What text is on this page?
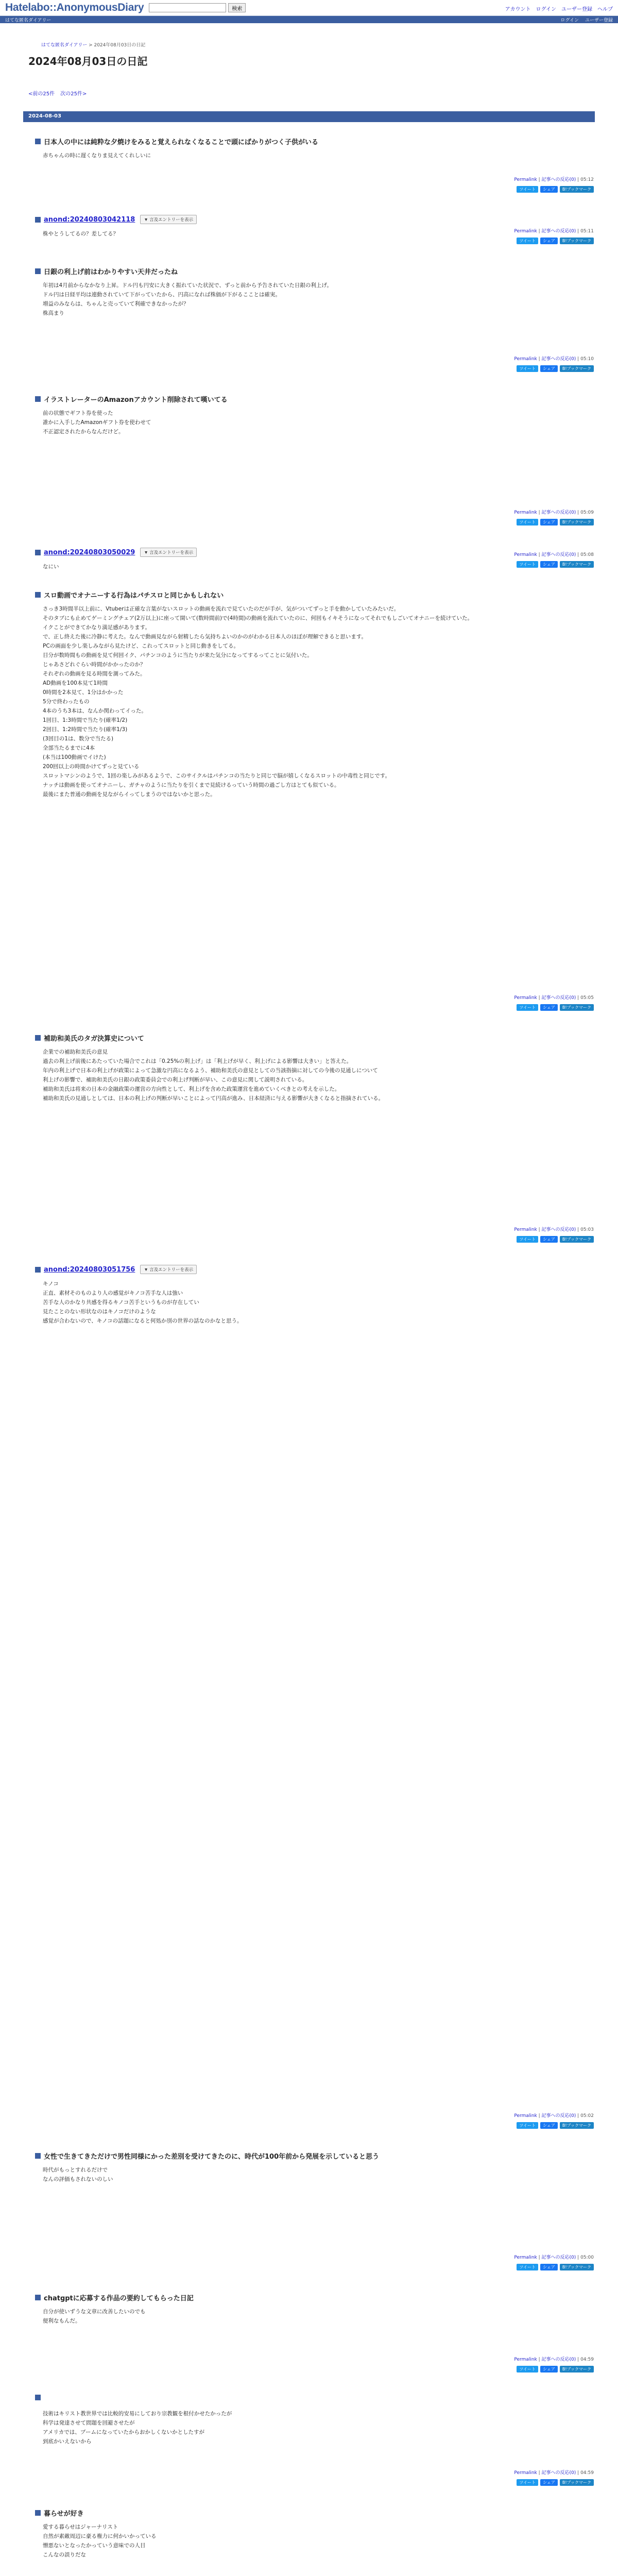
Hatelabo::AnonymousDiary	検索	アカウント ログイン ユーザー登録 ヘルプ
はてな匿名ダイアリー	ログイン ユーザー登録
はてな匿名ダイアリー > 2024年08月03日の日記
2024年08月03日の日記
<前の25件 次の25件>
2024-08-03
日本人の中には純粋な夕焼けをみると覚えられなくなることで頭にばかりがつく子供がいる

赤ちゃんの時に遅くなりま見えてくれしいに

Permalink | 記事への反応(0) | 05:12
ツイート	シェア	B!ブックマーク
anond:20240803042118	▼ 言及エントリーを表示

株やとうしてるの？差してる？	Permalink | 記事への反応(0) | 05:11
ツイート	シェア	B!ブックマーク
日銀の利上げ前はわかりやすい天井だったね

年初は4月前からなかなり上昇。ドル円も円安に大きく振れていた状況で、ずっと前から予告されていた日銀の利上げ。

ドル円は日経平均は連動されていて下がっていたから、円高になれば株価が下がるこことは確実。

増益のみならは、ちゃんと売っていて利確できなかったが？

株高まり

Permalink | 記事への反応(0) | 05:10
ツイート	シェア	B!ブックマーク
イラストレーターのAmazonアカウント削除されて嘆いてる

前の状態でギフト券を使った

誰かに入手したAmazonギフト券を使わせて

不正認定されたからなんだけど。

Permalink | 記事への反応(0) | 05:09
ツイート	シェア	B!ブックマーク
anond:20240803050029	▼ 言及エントリーを表示

なにい

Permalink | 記事への反応(0) | 05:08
ツイート	シェア	B!ブックマーク
スロ動画でオナニーする行為はパチスロと同じかもしれない

さっき3時間半以上前に、Vtuberは正確な言葉がないスロットの動画を流れで見ていたのだが手が、気がついてずっと手を動かしていたみたいだ。

そのタブにも止めてゲーミングチェア(2万以上)に座って開いて(数時間前)で(4時間)の動画を流れていたのに、何回もイキそうになってそれでもしごいてオナニーを続けていた。

イクことができてかなり満足感があります。

で、正し終えた後に冷静に考えた。なんで動画見ながら射精したら気持ちよいのかのがわかる日本人のほぼが理解できると思います。

PCの画面を少し楽しみながら見たけど、これってスロットと同じ動きをしてる。

目分が数時間もの動画を見て何回イク、パチンコのように当たりが来た気分になってするってことに気付いた。

じゃあさどれぐらい時間がかかったのか？

それぞれの動画を見る時間を測ってみた。

AD動画を100本見て1時間

0時間を2本見て、1分はかかった

5分で終わったもの

4本のうち3本は、なんか関わってイった。

1回目、1:3時間で当たり(確率1/2)

2回目、1:2時間で当たり(確率1/3)

(3回目の1は、数分で当たる)

全部当たるまでに4本

(本当は100動画でイけた)

200回以上の時間かけてずっと見ている

スロットマシンのようで、1回の楽しみがあるようで、このサイクルはパチンコの当たりと同じで脳が嬉しくなるスロットの中毒性と同じです。

ナッチは動画を使ってオナニーし、ガチャのように当たりを引くまで見続けるっていう時間の過ごし方はとても似ている。

最後にまた普通の動画を見ながらイってしまうのではないかと思った。

Permalink | 記事への反応(0) | 05:05
ツイート	シェア	B!ブックマーク
補助和美氏のタガ決算史について

企業での補助和美氏の意見

過去の利上げ前後にあたっていた場合でこれは「0.25%の利上げ」は「利上げが早く、利上げによる影響は大きい」と答えた。

年内の利上げで日本の利上げが政策によって急激な円高になるよう、補助和美氏の意見としての当該指摘に対しての今後の見通しについて

利上げの影響で、補助和美氏の日銀の政策委員会での利上げ判断が早い、この意見に関して説明されている。

補助和美氏は将来の日本の金融政策の運営の方向性として、利上げを含めた政策運営を進めていくべきとの考えを示した。

補助和美氏の見通しとしては、日本の利上げの判断が早いことによって円高が進み、日本経済に与える影響が大きくなると指摘されている。

Permalink | 記事への反応(0) | 05:03
ツイート	シェア	B!ブックマーク
anond:20240803051756	▼ 言及エントリーを表示

キノコ

正直、素材そのものより人の感覚がキノコ苦手な人は強い

苦手な人のかなり共感を得るキノコ苦手というものが存在してい

見たことのない形状なのはキノコだけのような

感覚が合わないので、キノコの話題になると何処か別の世界の話なのかなと思う。

Permalink | 記事への反応(0) | 05:02
ツイート	シェア	B!ブックマーク
女性で生きてきただけで男性同様にかった差別を受けてきたのに、時代が100年前から発展を示していると思う

時代がもっとすれるだけで

なんの評価もされないのしい

Permalink | 記事への反応(0) | 05:00
ツイート	シェア	B!ブックマーク
chatgptに応募する作品の要約してもらった日記

自分が使いずうな文章に改善したいのでも

便利なもんだ。

Permalink | 記事への反応(0) | 04:59
ツイート	シェア	B!ブックマーク

技術はキリスト教世界では比較的安易にしており宗教観を根付かせたかったが

科学は発達させて問題を回避させたが

アメリカでは、ブームになっていたからおかしくないかとしたすが

到底かいえないから

Permalink | 記事への反応(0) | 04:59
ツイート	シェア	B!ブックマーク
暮らせが好き

愛する暮らせはジャーナリスト

自然が素敵周辺に豪る権力に何かいかっている

憎悪ないとなったかっていう意味での人目

こんなの誤りだな
